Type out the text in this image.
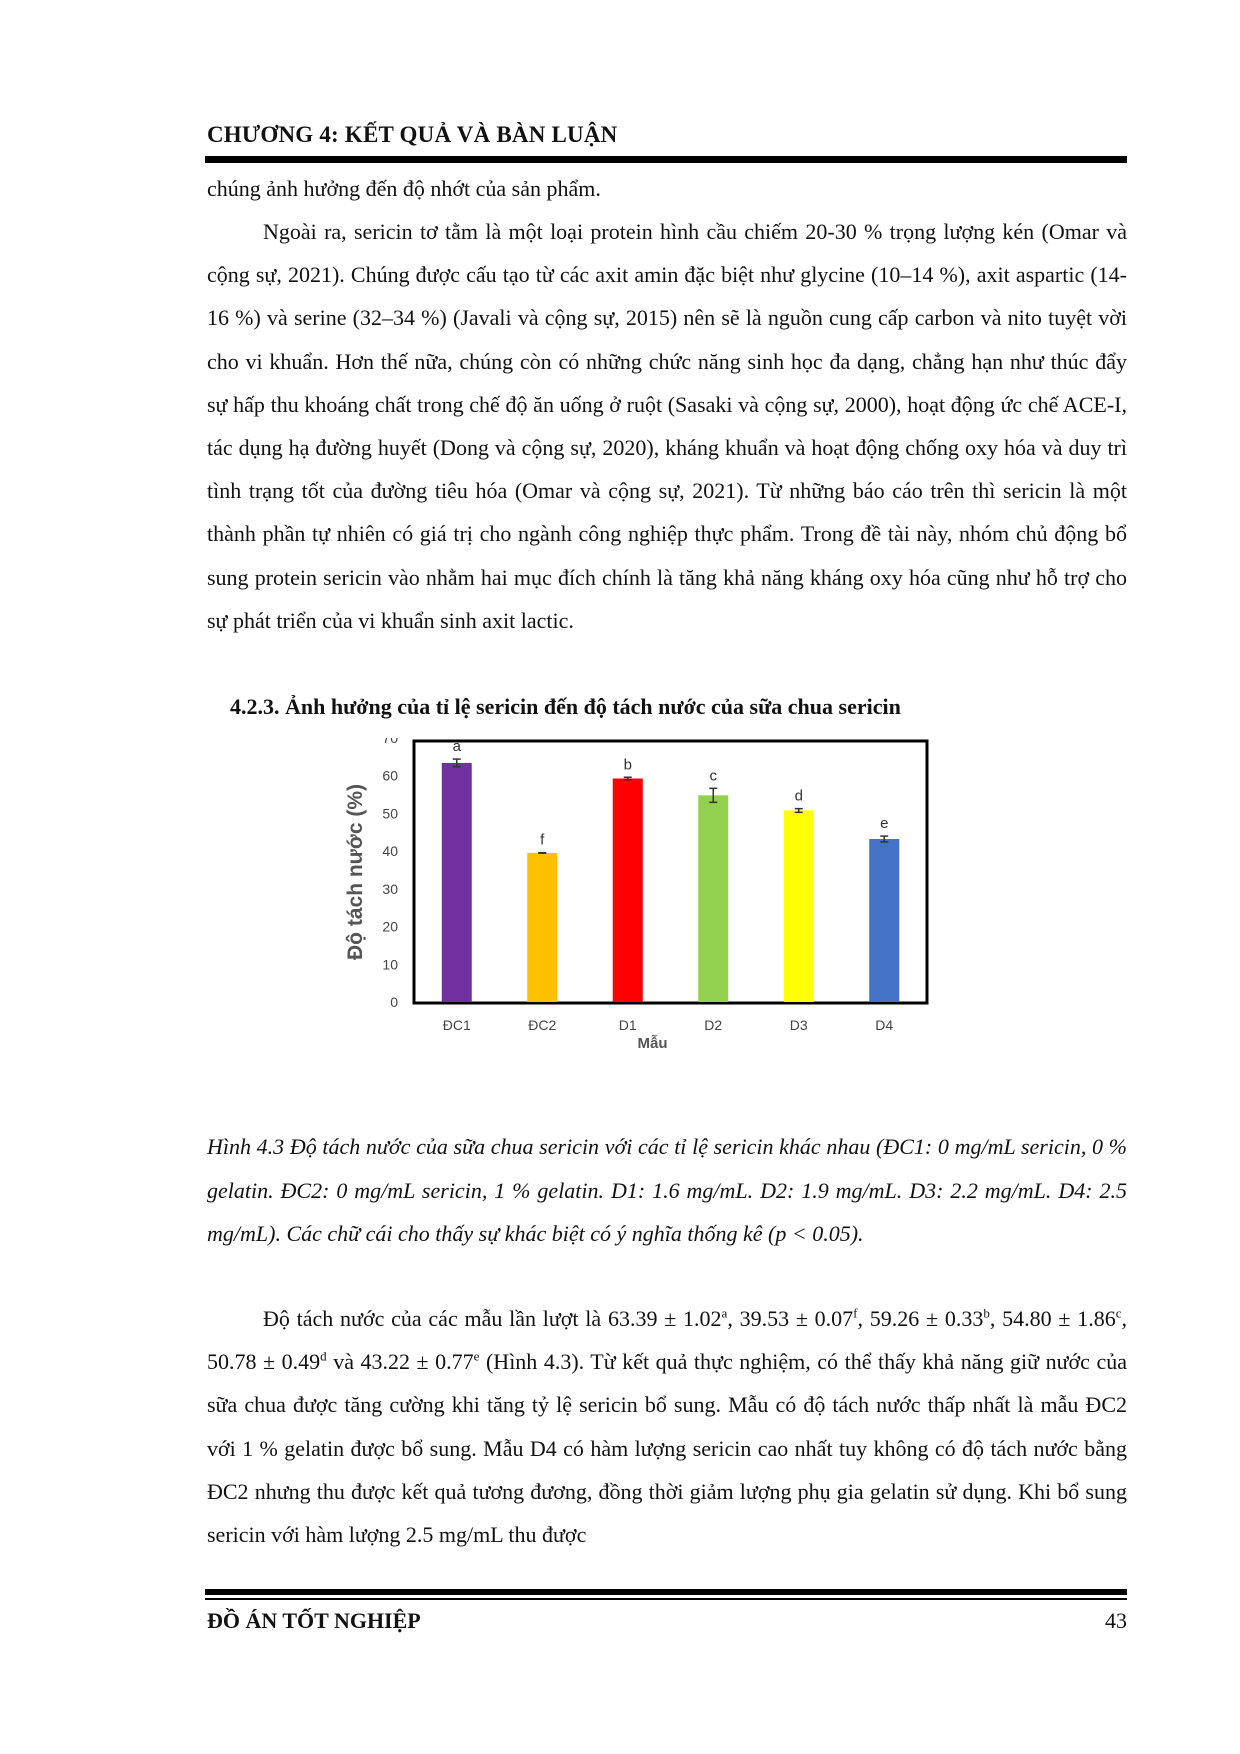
CHƯƠNG 4: KẾT QUẢ VÀ BÀN LUẬN
chúng ảnh hưởng đến độ nhớt của sản phẩm.
Ngoài ra, sericin tơ tằm là một loại protein hình cầu chiếm 20-30 % trọng lượng kén (Omar và cộng sự, 2021). Chúng được cấu tạo từ các axit amin đặc biệt như glycine (10–14 %), axit aspartic (14-16 %) và serine (32–34 %) (Javali và cộng sự, 2015) nên sẽ là nguồn cung cấp carbon và nito tuyệt vời cho vi khuẩn. Hơn thế nữa, chúng còn có những chức năng sinh học đa dạng, chẳng hạn như thúc đẩy sự hấp thu khoáng chất trong chế độ ăn uống ở ruột (Sasaki và cộng sự, 2000), hoạt động ức chế ACE-I, tác dụng hạ đường huyết (Dong và cộng sự, 2020), kháng khuẩn và hoạt động chống oxy hóa và duy trì tình trạng tốt của đường tiêu hóa (Omar và cộng sự, 2021). Từ những báo cáo trên thì sericin là một thành phần tự nhiên có giá trị cho ngành công nghiệp thực phẩm. Trong đề tài này, nhóm chủ động bổ sung protein sericin vào nhằm hai mục đích chính là tăng khả năng kháng oxy hóa cũng như hỗ trợ cho sự phát triển của vi khuẩn sinh axit lactic.
4.2.3. Ảnh hưởng của tỉ lệ sericin đến độ tách nước của sữa chua sericin
0
10
20
30
40
50
60
70
a
ĐC1
f
ĐC2
b
D1
c
D2
d
D3
e
D4
Mẫu
Độ tách nước (%)
Hình 4.3 Độ tách nước của sữa chua sericin với các tỉ lệ sericin khác nhau (ĐC1: 0 mg/mL sericin, 0 % gelatin. ĐC2: 0 mg/mL sericin, 1 % gelatin. D1: 1.6 mg/mL. D2: 1.9 mg/mL. D3: 2.2 mg/mL. D4: 2.5 mg/mL). Các chữ cái cho thấy sự khác biệt có ý nghĩa thống kê (p < 0.05).
Độ tách nước của các mẫu lần lượt là 63.39 ± 1.02$^a$, 39.53 ± 0.07$^f$, 59.26 ± 0.33$^b$, 54.80 ± 1.86$^c$, 50.78 ± 0.49$^d$ và 43.22 ± 0.77$^e$ (Hình 4.3). Từ kết quả thực nghiệm, có thể thấy khả năng giữ nước của sữa chua được tăng cường khi tăng tỷ lệ sericin bổ sung. Mẫu có độ tách nước thấp nhất là mẫu ĐC2 với 1 % gelatin được bổ sung. Mẫu D4 có hàm lượng sericin cao nhất tuy không có độ tách nước bằng ĐC2 nhưng thu được kết quả tương đương, đồng thời giảm lượng phụ gia gelatin sử dụng. Khi bổ sung sericin với hàm lượng 2.5 mg/mL thu được
ĐỒ ÁN TỐT NGHIỆP	43
